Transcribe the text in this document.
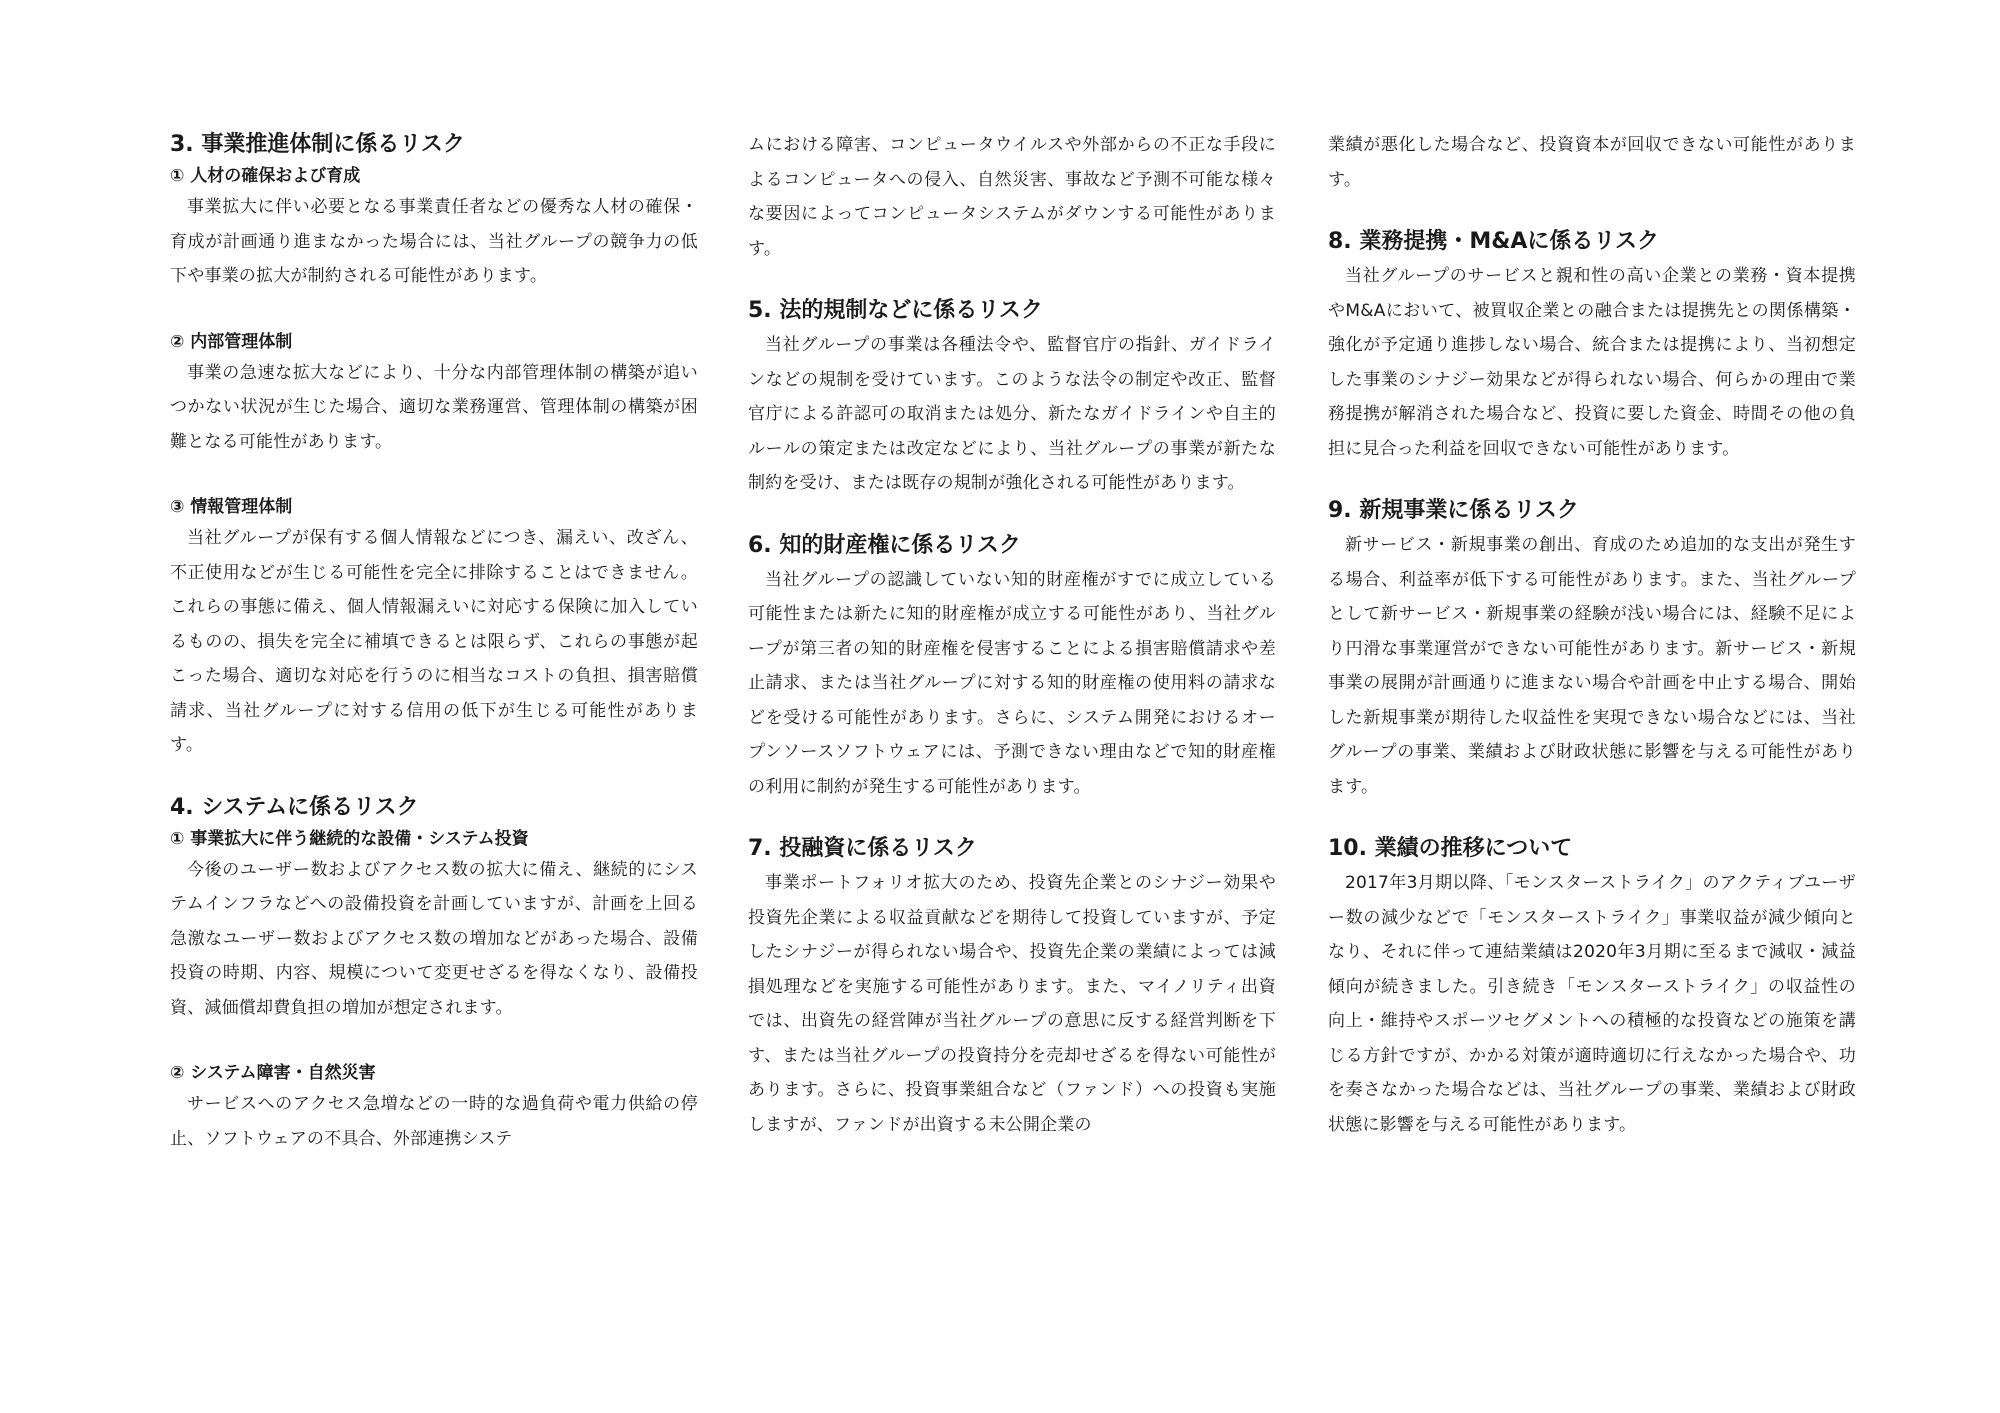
3. 事業推進体制に係るリスク
① 人材の確保および育成

事業拡大に伴い必要となる事業責任者などの優秀な人材の確保・育成が計画通り進まなかった場合には、当社グループの競争力の低下や事業の拡大が制約される可能性があります。

② 内部管理体制

事業の急速な拡大などにより、十分な内部管理体制の構築が追いつかない状況が生じた場合、適切な業務運営、管理体制の構築が困難となる可能性があります。

③ 情報管理体制

当社グループが保有する個人情報などにつき、漏えい、改ざん、不正使用などが生じる可能性を完全に排除することはできません。これらの事態に備え、個人情報漏えいに対応する保険に加入しているものの、損失を完全に補填できるとは限らず、これらの事態が起こった場合、適切な対応を行うのに相当なコストの負担、損害賠償請求、当社グループに対する信用の低下が生じる可能性があります。

4. システムに係るリスク
① 事業拡大に伴う継続的な設備・システム投資

今後のユーザー数およびアクセス数の拡大に備え、継続的にシステムインフラなどへの設備投資を計画していますが、計画を上回る急激なユーザー数およびアクセス数の増加などがあった場合、設備投資の時期、内容、規模について変更せざるを得なくなり、設備投資、減価償却費負担の増加が想定されます。

② システム障害・自然災害

サービスへのアクセス急増などの一時的な過負荷や電力供給の停止、ソフトウェアの不具合、外部連携システ

ムにおける障害、コンピュータウイルスや外部からの不正な手段によるコンピュータへの侵入、自然災害、事故など予測不可能な様々な要因によってコンピュータシステムがダウンする可能性があります。

5. 法的規制などに係るリスク

当社グループの事業は各種法令や、監督官庁の指針、ガイドラインなどの規制を受けています。このような法令の制定や改正、監督官庁による許認可の取消または処分、新たなガイドラインや自主的ルールの策定または改定などにより、当社グループの事業が新たな制約を受け、または既存の規制が強化される可能性があります。

6. 知的財産権に係るリスク

当社グループの認識していない知的財産権がすでに成立している可能性または新たに知的財産権が成立する可能性があり、当社グループが第三者の知的財産権を侵害することによる損害賠償請求や差止請求、または当社グループに対する知的財産権の使用料の請求などを受ける可能性があります。さらに、システム開発におけるオープンソースソフトウェアには、予測できない理由などで知的財産権の利用に制約が発生する可能性があります。

7. 投融資に係るリスク

事業ポートフォリオ拡大のため、投資先企業とのシナジー効果や投資先企業による収益貢献などを期待して投資していますが、予定したシナジーが得られない場合や、投資先企業の業績によっては減損処理などを実施する可能性があります。また、マイノリティ出資では、出資先の経営陣が当社グループの意思に反する経営判断を下す、または当社グループの投資持分を売却せざるを得ない可能性があります。さらに、投資事業組合など（ファンド）への投資も実施しますが、ファンドが出資する未公開企業の

業績が悪化した場合など、投資資本が回収できない可能性があります。

8. 業務提携・M&Aに係るリスク

当社グループのサービスと親和性の高い企業との業務・資本提携やM&Aにおいて、被買収企業との融合または提携先との関係構築・強化が予定通り進捗しない場合、統合または提携により、当初想定した事業のシナジー効果などが得られない場合、何らかの理由で業務提携が解消された場合など、投資に要した資金、時間その他の負担に見合った利益を回収できない可能性があります。

9. 新規事業に係るリスク

新サービス・新規事業の創出、育成のため追加的な支出が発生する場合、利益率が低下する可能性があります。また、当社グループとして新サービス・新規事業の経験が浅い場合には、経験不足により円滑な事業運営ができない可能性があります。新サービス・新規事業の展開が計画通りに進まない場合や計画を中止する場合、開始した新規事業が期待した収益性を実現できない場合などには、当社グループの事業、業績および財政状態に影響を与える可能性があります。

10. 業績の推移について

2017年3月期以降、「モンスターストライク」のアクティブユーザー数の減少などで「モンスターストライク」事業収益が減少傾向となり、それに伴って連結業績は2020年3月期に至るまで減収・減益傾向が続きました。引き続き「モンスターストライク」の収益性の向上・維持やスポーツセグメントへの積極的な投資などの施策を講じる方針ですが、かかる対策が適時適切に行えなかった場合や、功を奏さなかった場合などは、当社グループの事業、業績および財政状態に影響を与える可能性があります。
